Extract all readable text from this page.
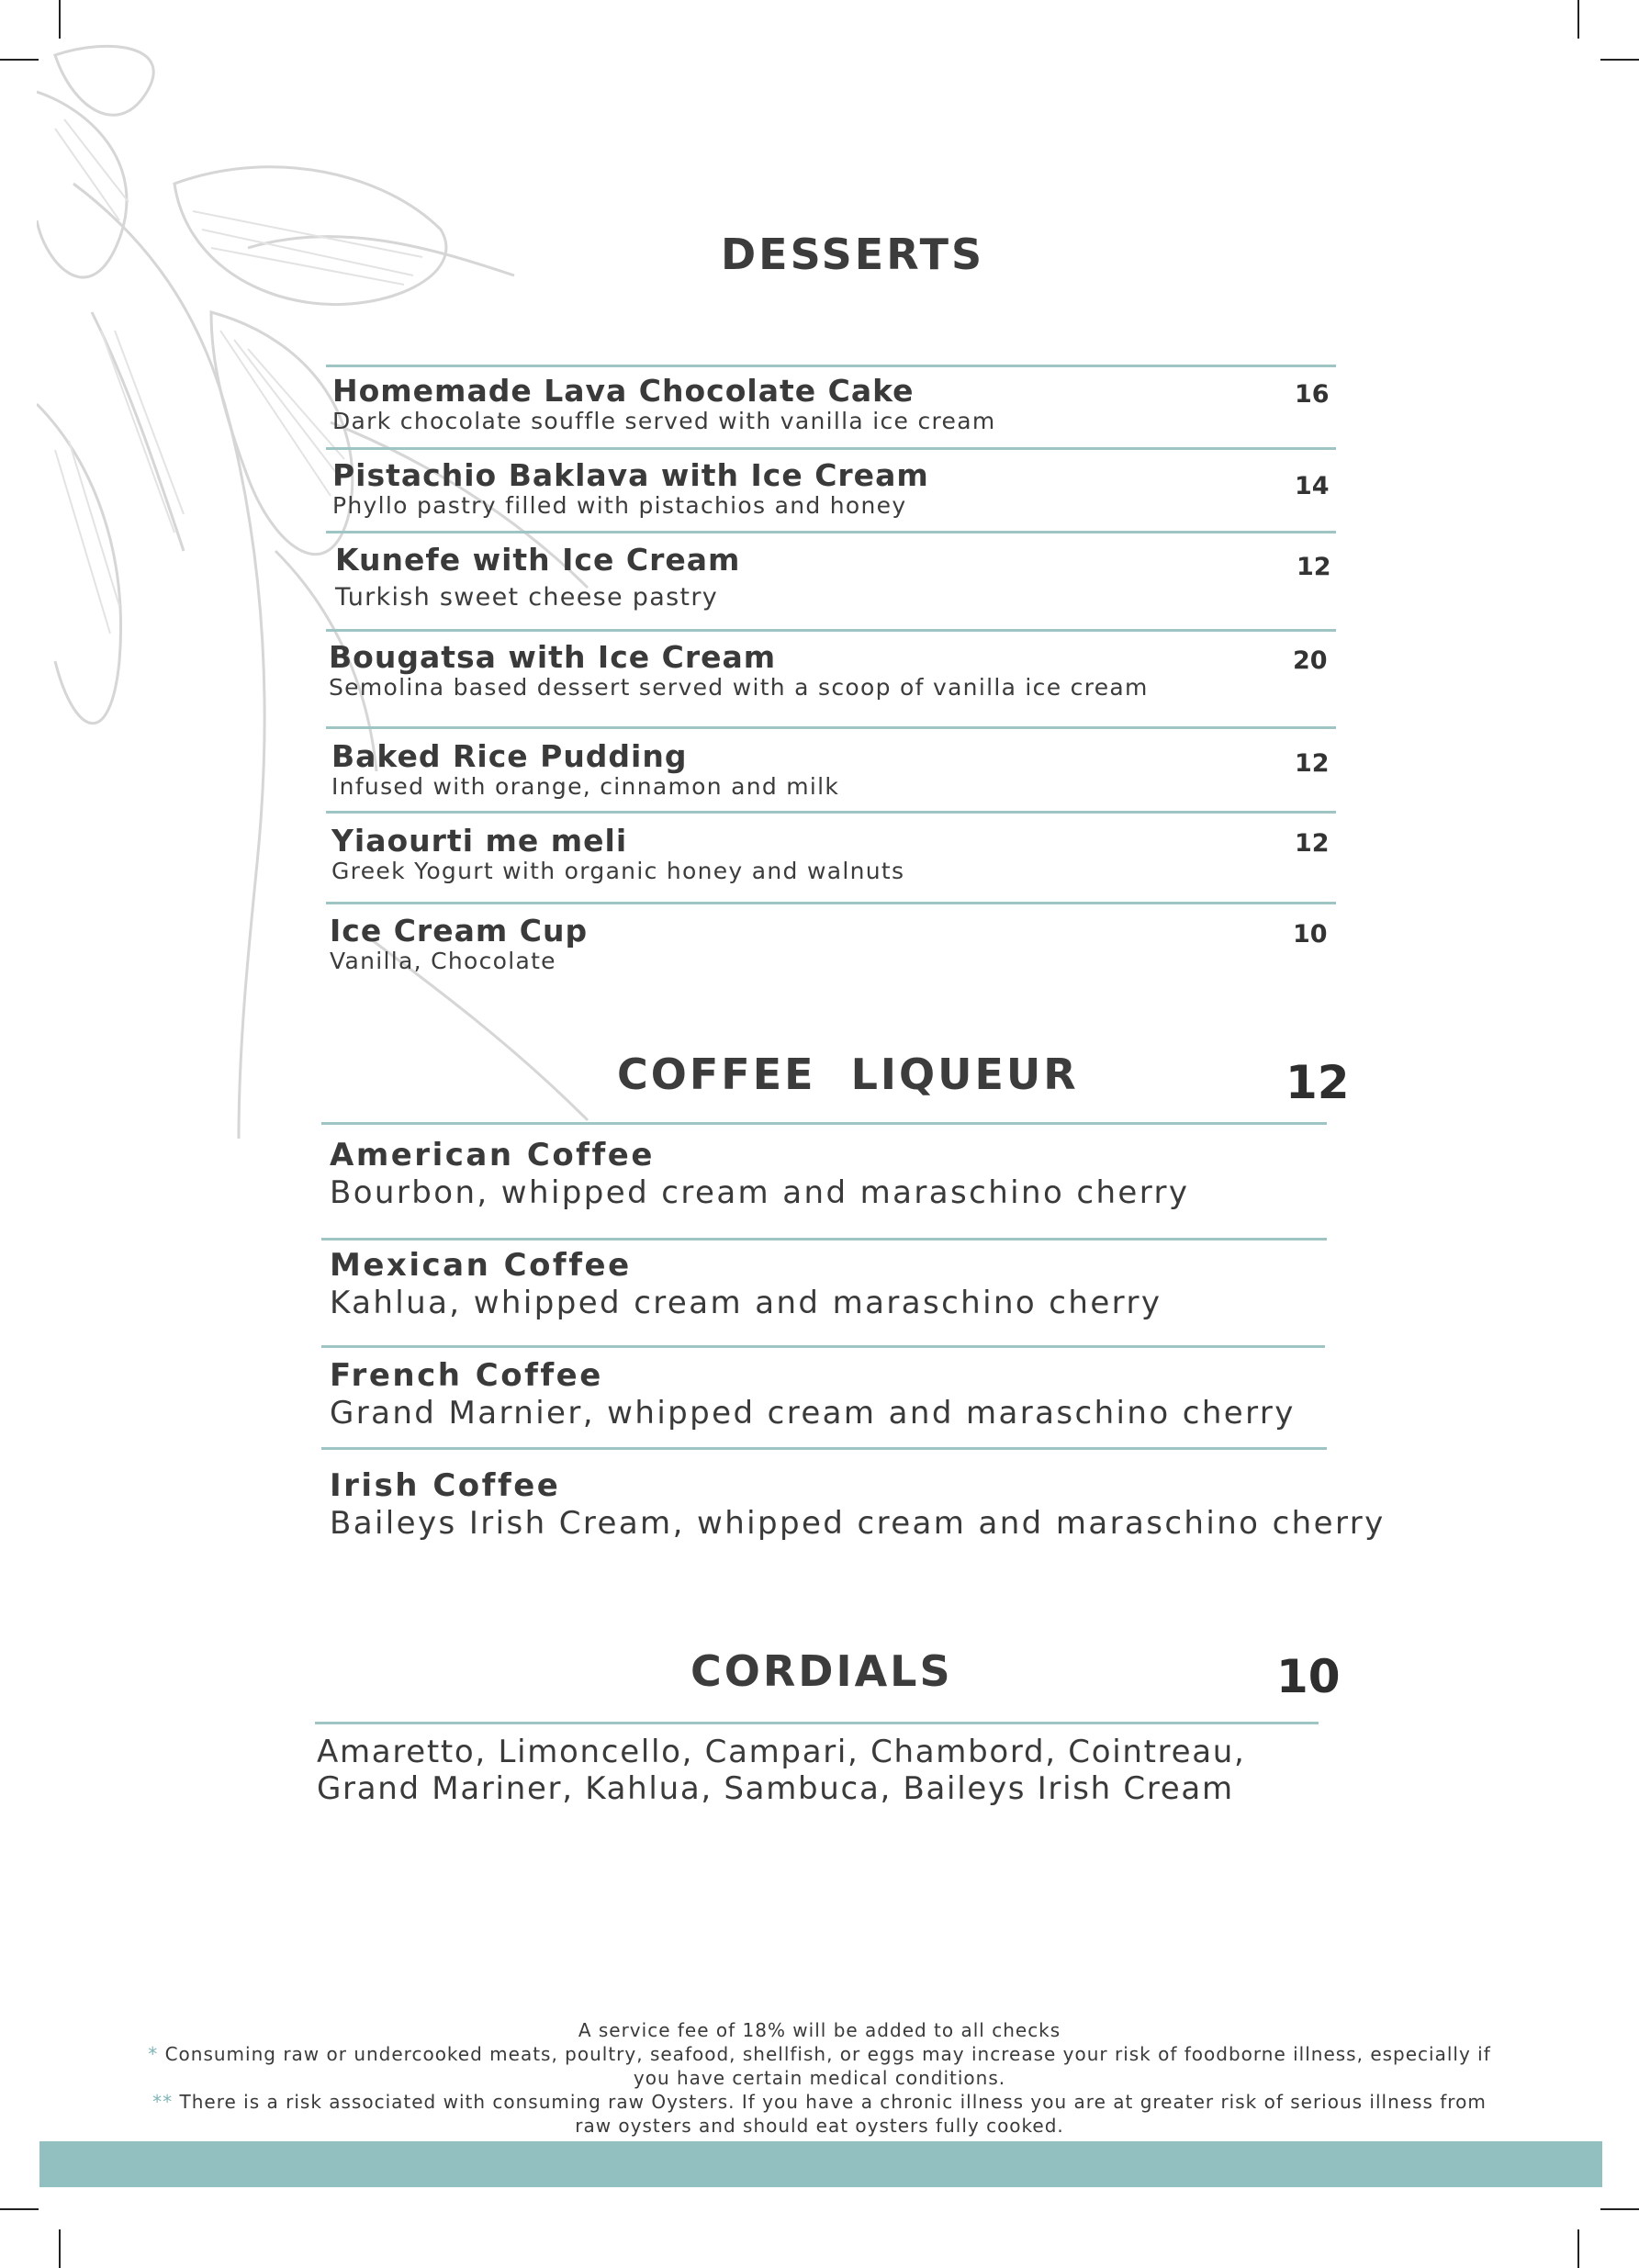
DESSERTS
Homemade Lava Chocolate Cake
Dark chocolate souffle served with vanilla ice cream
16
Pistachio Baklava with Ice Cream
Phyllo pastry filled with pistachios and honey
14
Kunefe with Ice Cream
Turkish sweet cheese pastry
12
Bougatsa with Ice Cream
Semolina based dessert served with a scoop of vanilla ice cream
20
Baked Rice Pudding
Infused with orange, cinnamon and milk
12
Yiaourti me meli
Greek Yogurt with organic honey and walnuts
12
Ice Cream Cup
Vanilla, Chocolate
10
COFFEE  LIQUEUR	12
American Coffee
Bourbon, whipped cream and maraschino cherry
Mexican Coffee
Kahlua, whipped cream and maraschino cherry
French Coffee
Grand Marnier, whipped cream and maraschino cherry
Irish Coffee
Baileys Irish Cream, whipped cream and maraschino cherry
CORDIALS	10
Amaretto, Limoncello, Campari, Chambord, Cointreau, Grand Mariner, Kahlua, Sambuca, Baileys Irish Cream
A service fee of 18% will be added to all checks
* Consuming raw or undercooked meats, poultry, seafood, shellfish, or eggs may increase your risk of foodborne illness, especially if you have certain medical conditions.
** There is a risk associated with consuming raw Oysters. If you have a chronic illness you are at greater risk of serious illness from raw oysters and should eat oysters fully cooked.
